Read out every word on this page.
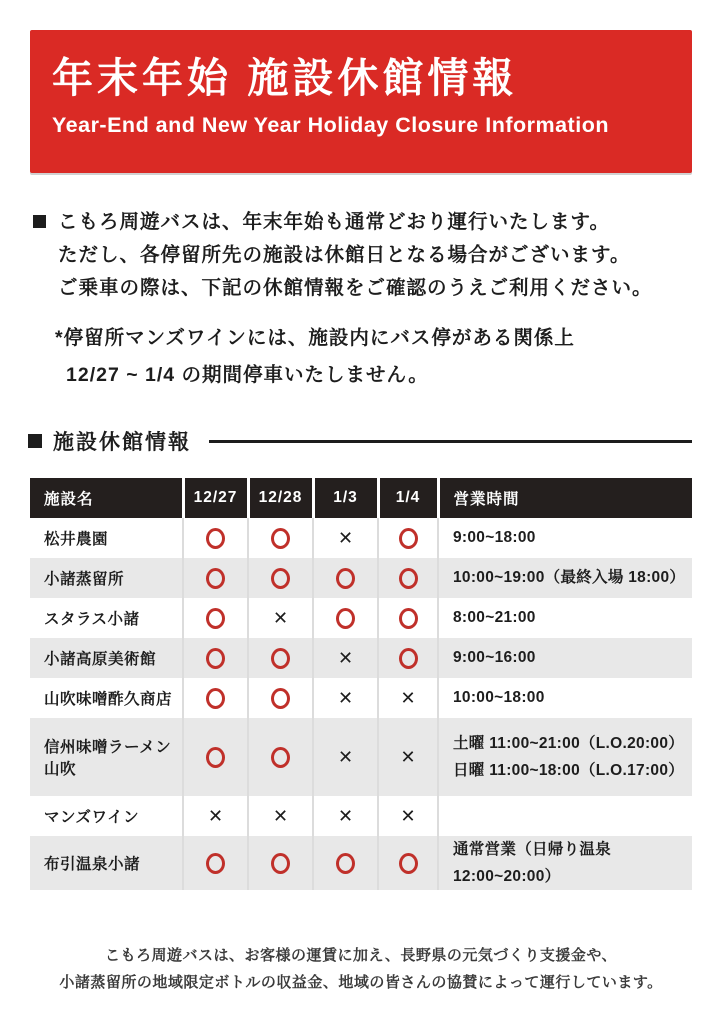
年末年始 施設休館情報

Year-End and New Year Holiday Closure Information

こもろ周遊バスは、年末年始も通常どおり運行いたします。
ただし、各停留所先の施設は休館日となる場合がございます。
ご乗車の際は、下記の休館情報をご確認のうえご利用ください。
*停留所マンズワインには、施設内にバス停がある関係上
12/27 ~ 1/4 の期間停車いたしません。
施設休館情報
施設名	12/27	12/28	1/3	1/4	営業時間
松井農園			✕		9:00~18:00

小諸蒸留所					10:00~19:00（最終入場 18:00）

スタラス小諸		✕			8:00~21:00

小諸高原美術館			✕		9:00~16:00

山吹味噌酢久商店			✕	✕	10:00~18:00

信州味噌ラーメン山吹			✕	✕	土曜 11:00~21:00（L.O.20:00）
日曜 11:00~18:00（L.O.17:00）

マンズワイン	✕	✕	✕	✕	
布引温泉小諸					通常営業（日帰り温泉 12:00~20:00）
こもろ周遊バスは、お客様の運賃に加え、長野県の元気づくり支援金や、
小諸蒸留所の地域限定ボトルの収益金、地域の皆さんの協賛によって運行しています。
